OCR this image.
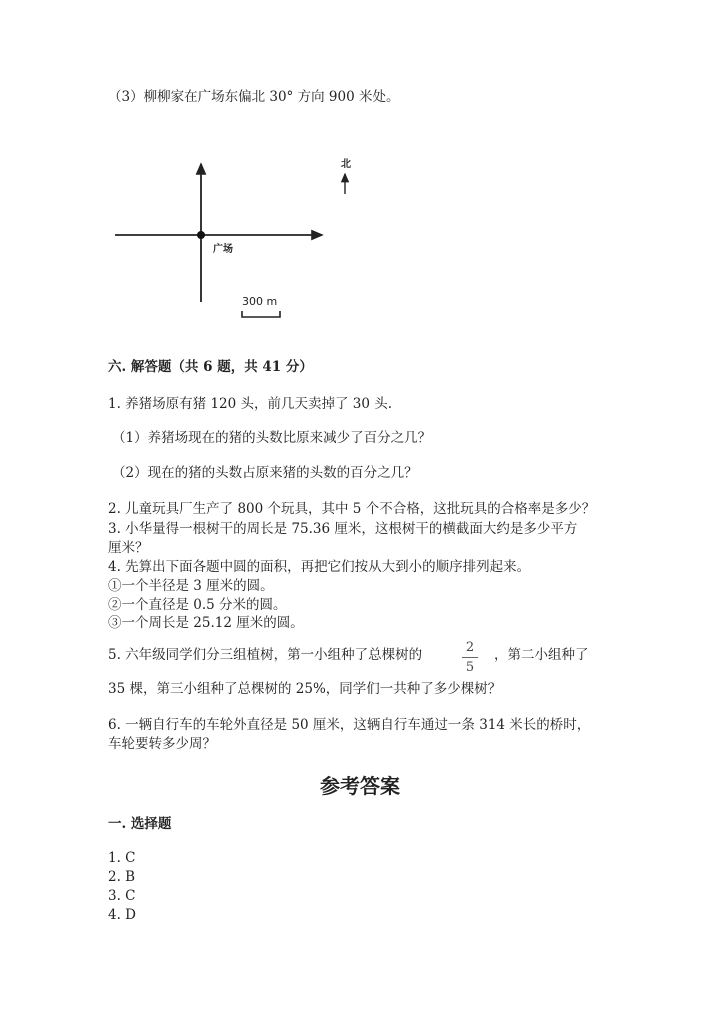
（3）柳柳家在广场东偏北 30° 方向 900 米处。
广场
北
300 m
六. 解答题（共 6 题，共 41 分）
1. 养猪场原有猪 120 头，前几天卖掉了 30 头.
（1）养猪场现在的猪的头数比原来减少了百分之几？
（2）现在的猪的头数占原来猪的头数的百分之几？
2. 儿童玩具厂生产了 800 个玩具，其中 5 个不合格，这批玩具的合格率是多少？
3. 小华量得一根树干的周长是 75.36 厘米，这根树干的横截面大约是多少平方
厘米？
4. 先算出下面各题中圆的面积，再把它们按从大到小的顺序排列起来。
①一个半径是 3 厘米的圆。
②一个直径是 0.5 分米的圆。
③一个周长是 25.12 厘米的圆。
5. 六年级同学们分三组植树，第一小组种了总棵树的	2
5
，第二小组种了
35 棵，第三小组种了总棵树的 25%，同学们一共种了多少棵树？
6. 一辆自行车的车轮外直径是 50 厘米，这辆自行车通过一条 314 米长的桥时，
车轮要转多少周？
参考答案
一. 选择题
1. C
2. B
3. C
4. D
